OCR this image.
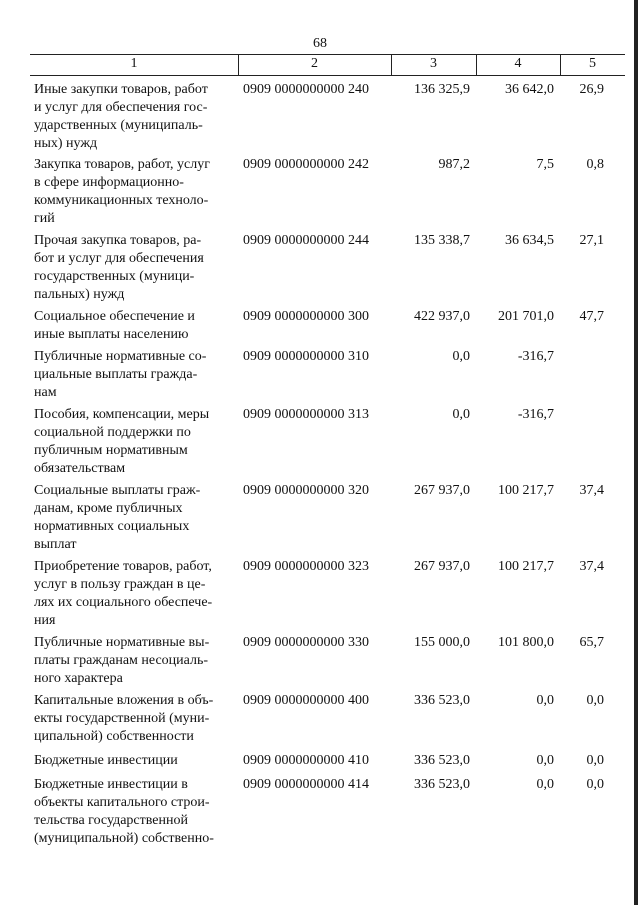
68
1	2	3	4	5
Иные закупки товаров, работ
и услуг для обеспечения гос-
ударственных (муниципаль-
ных) нужд
0909 0000000000 240	136 325,9	36 642,0	26,9
Закупка товаров, работ, услуг
в сфере информационно-
коммуникационных техноло-
гий
0909 0000000000 242	987,2	7,5	0,8
Прочая закупка товаров, ра-
бот и услуг для обеспечения
государственных (муници-
пальных) нужд
0909 0000000000 244	135 338,7	36 634,5	27,1
Социальное обеспечение и
иные выплаты населению
0909 0000000000 300	422 937,0	201 701,0	47,7
Публичные нормативные со-
циальные выплаты гражда-
нам
0909 0000000000 310	0,0	-316,7
Пособия, компенсации, меры
социальной поддержки по
публичным нормативным
обязательствам
0909 0000000000 313	0,0	-316,7
Социальные выплаты граж-
данам, кроме публичных
нормативных социальных
выплат
0909 0000000000 320	267 937,0	100 217,7	37,4
Приобретение товаров, работ,
услуг в пользу граждан в це-
лях их социального обеспече-
ния
0909 0000000000 323	267 937,0	100 217,7	37,4
Публичные нормативные вы-
платы гражданам несоциаль-
ного характера
0909 0000000000 330	155 000,0	101 800,0	65,7
Капитальные вложения в объ-
екты государственной (муни-
ципальной) собственности
0909 0000000000 400	336 523,0	0,0	0,0
Бюджетные инвестиции	0909 0000000000 410	336 523,0	0,0	0,0
Бюджетные инвестиции в
объекты капитального строи-
тельства государственной
(муниципальной) собственно-
0909 0000000000 414	336 523,0	0,0	0,0
